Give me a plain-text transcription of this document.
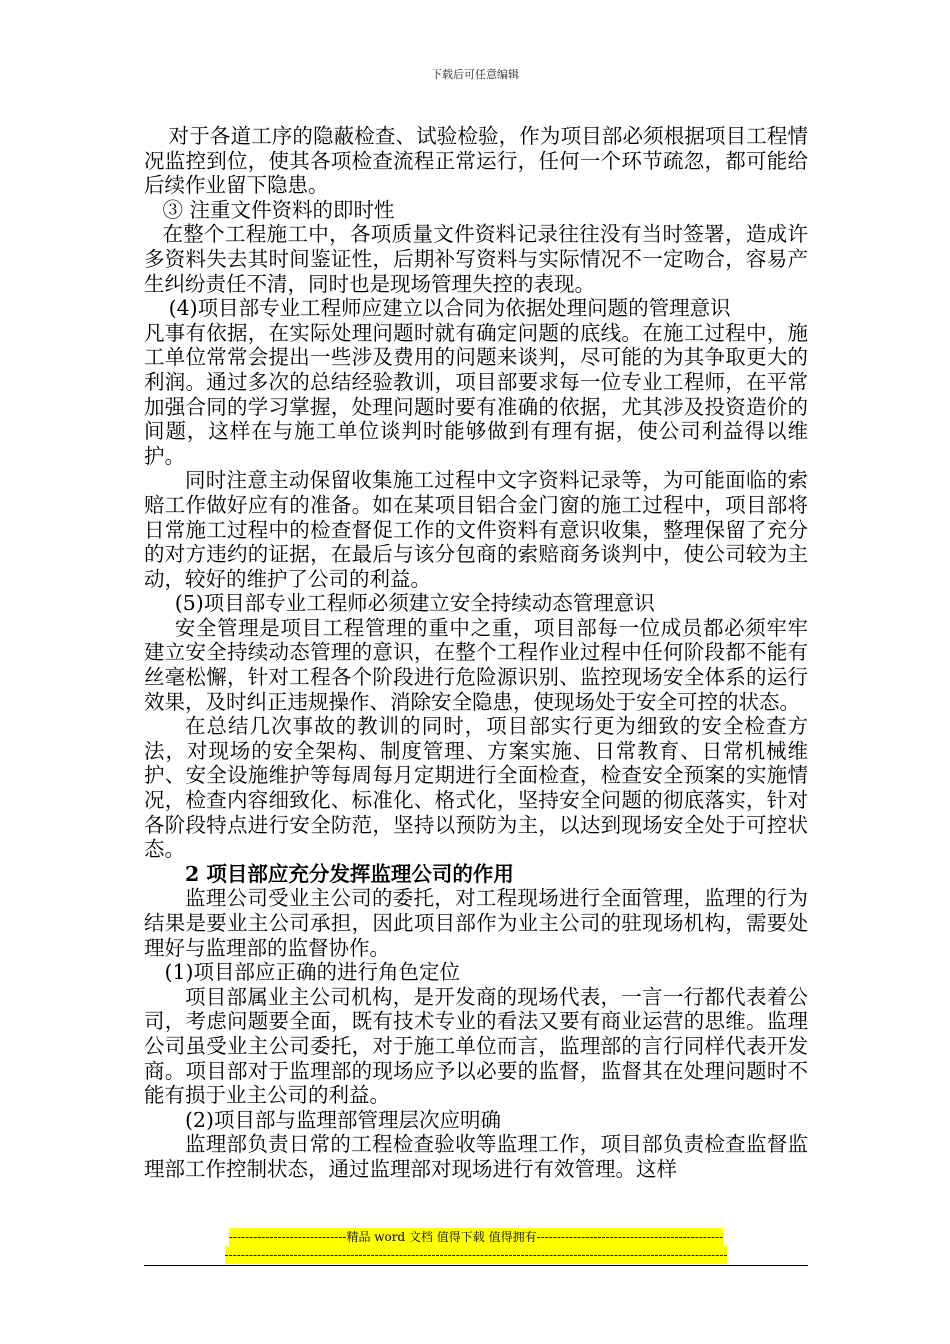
下载后可任意编辑

对于各道工序的隐蔽检查、试验检验，作为项目部必须根据项目工程情况监控到位，使其各项检查流程正常运行，任何一个环节疏忽，都可能给后续作业留下隐患。

③ 注重文件资料的即时性

在整个工程施工中，各项质量文件资料记录往往没有当时签署，造成许多资料失去其时间鉴证性，后期补写资料与实际情况不一定吻合，容易产生纠纷责任不清，同时也是现场管理失控的表现。

(4)项目部专业工程师应建立以合同为依据处理问题的管理意识

凡事有依据，在实际处理问题时就有确定问题的底线。在施工过程中，施工单位常常会提出一些涉及费用的问题来谈判，尽可能的为其争取更大的利润。通过多次的总结经验教训，项目部要求每一位专业工程师，在平常加强合同的学习掌握，处理问题时要有准确的依据，尤其涉及投资造价的间题，这样在与施工单位谈判时能够做到有理有据，使公司利益得以维护。

同时注意主动保留收集施工过程中文字资料记录等，为可能面临的索赔工作做好应有的准备。如在某项目铝合金门窗的施工过程中，项目部将日常施工过程中的检查督促工作的文件资料有意识收集，整理保留了充分的对方违约的证据，在最后与该分包商的索赔商务谈判中，使公司较为主动，较好的维护了公司的利益。

(5)项目部专业工程师必须建立安全持续动态管理意识

安全管理是项目工程管理的重中之重，项目部每一位成员都必须牢牢建立安全持续动态管理的意识，在整个工程作业过程中任何阶段都不能有丝毫松懈，针对工程各个阶段进行危险源识别、监控现场安全体系的运行效果，及时纠正违规操作、消除安全隐患，使现场处于安全可控的状态。

在总结几次事故的教训的同时，项目部实行更为细致的安全检查方法，对现场的安全架构、制度管理、方案实施、日常教育、日常机械维护、安全设施维护等每周每月定期进行全面检查，检查安全预案的实施情况，检查内容细致化、标准化、格式化，坚持安全问题的彻底落实，针对各阶段特点进行安全防范，坚持以预防为主，以达到现场安全处于可控状态。

2 项目部应充分发挥监理公司的作用

监理公司受业主公司的委托，对工程现场进行全面管理，监理的行为结果是要业主公司承担，因此项目部作为业主公司的驻现场机构，需要处理好与监理部的监督协作。

(1)项目部应正确的进行角色定位

项目部属业主公司机构，是开发商的现场代表，一言一行都代表着公司，考虑问题要全面，既有技术专业的看法又要有商业运营的思维。监理公司虽受业主公司委托，对于施工单位而言，监理部的言行同样代表开发商。项目部对于监理部的现场应予以必要的监督，监督其在处理问题时不能有损于业主公司的利益。

(2)项目部与监理部管理层次应明确

监理部负责日常的工程检查验收等监理工作，项目部负责检查监督监理部工作控制状态，通过监理部对现场进行有效管理。这样

-----------------------------精品 word 文档 值得下载 值得拥有----------------------------------------------
----------------------------------------------------------------------------------------------------------------------------
